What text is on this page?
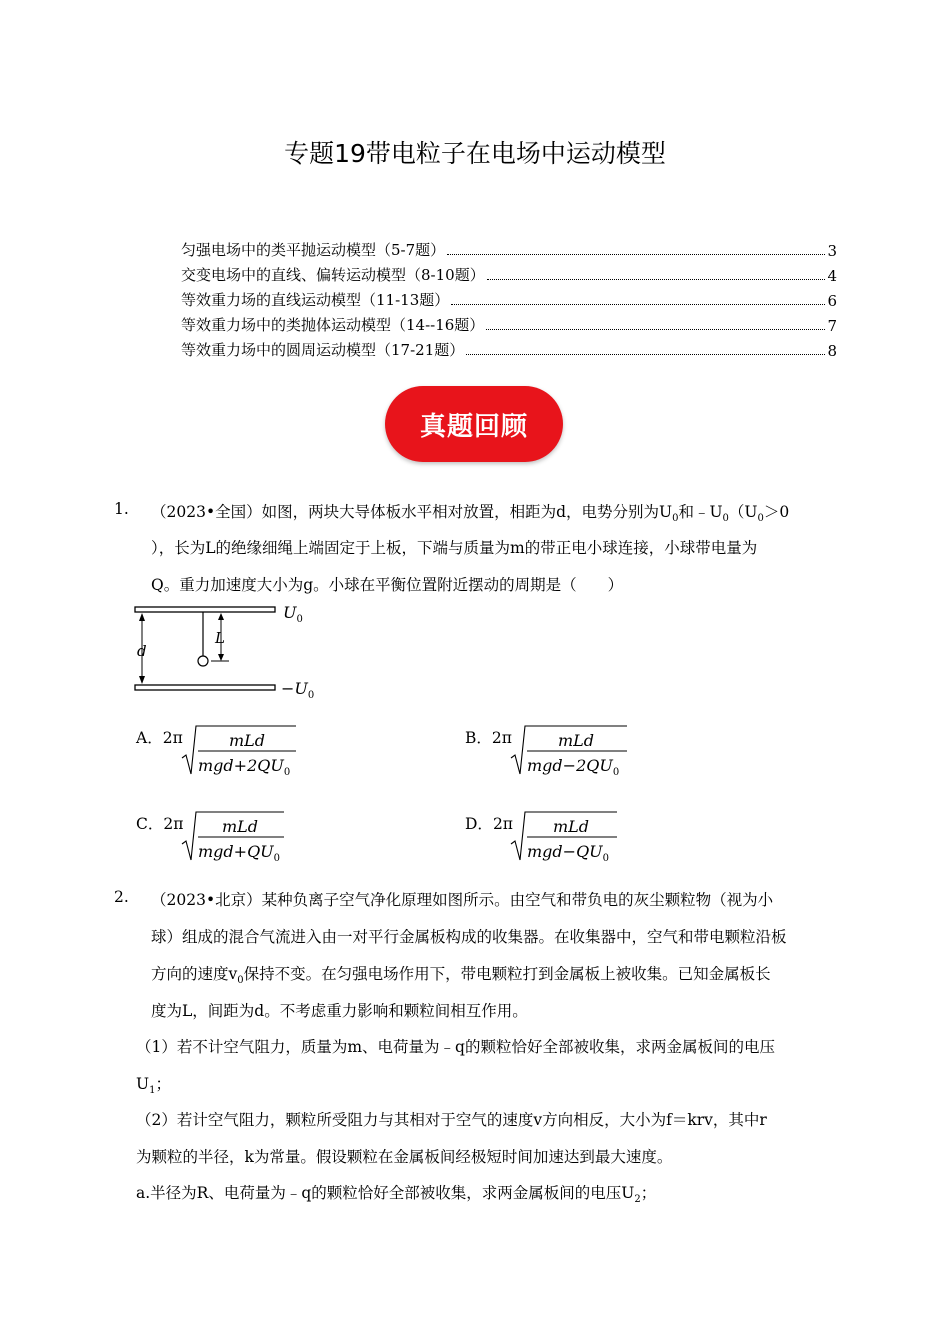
专题19带电粒子在电场中运动模型
匀强电场中的类平抛运动模型（5-7题）	3
交变电场中的直线、偏转运动模型（8-10题）	4
等效重力场的直线运动模型（11-13题）	6
等效重力场中的类抛体运动模型（14--16题）	7
等效重力场中的圆周运动模型（17-21题）	8
真题回顾
1. （2023•全国）如图，两块大导体板水平相对放置，相距为d，电势分别为$U_0$和$﹣U_0(U_0>0$
），长为L的绝缘细绳上端固定于上板，下端与质量为m的带正电小球连接，小球带电量为
Q。重力加速度大小为g。小球在平衡位置附近摆动的周期是（　　）
$U_0$
$-U_0$
d
L
A．2π	mLd
$mgd+2QU_0$
B．2π	mLd
$mgd-2QU_0$
C．2π mLd
$mgd+QU_0$
D．2π mLd
$mgd-QU_0$
2. （2023•北京）某种负离子空气净化原理如图所示。由空气和带负电的灰尘颗粒物（视为小
球）组成的混合气流进入由一对平行金属板构成的收集器。在收集器中，空气和带电颗粒沿板
方向的速度$v_0$保持不变。在匀强电场作用下，带电颗粒打到金属板上被收集。已知金属板长
度为L，间距为d。不考虑重力影响和颗粒间相互作用。
（1）若不计空气阻力，质量为m、电荷量为﹣q的颗粒恰好全部被收集，求两金属板间的电压
$U_1$；
（2）若计空气阻力，颗粒所受阻力与其相对于空气的速度v方向相反，大小为f＝krv，其中r
为颗粒的半径，k为常量。假设颗粒在金属板间经极短时间加速达到最大速度。
a.半径为R、电荷量为﹣q的颗粒恰好全部被收集，求两金属板间的电压$U_2$；
